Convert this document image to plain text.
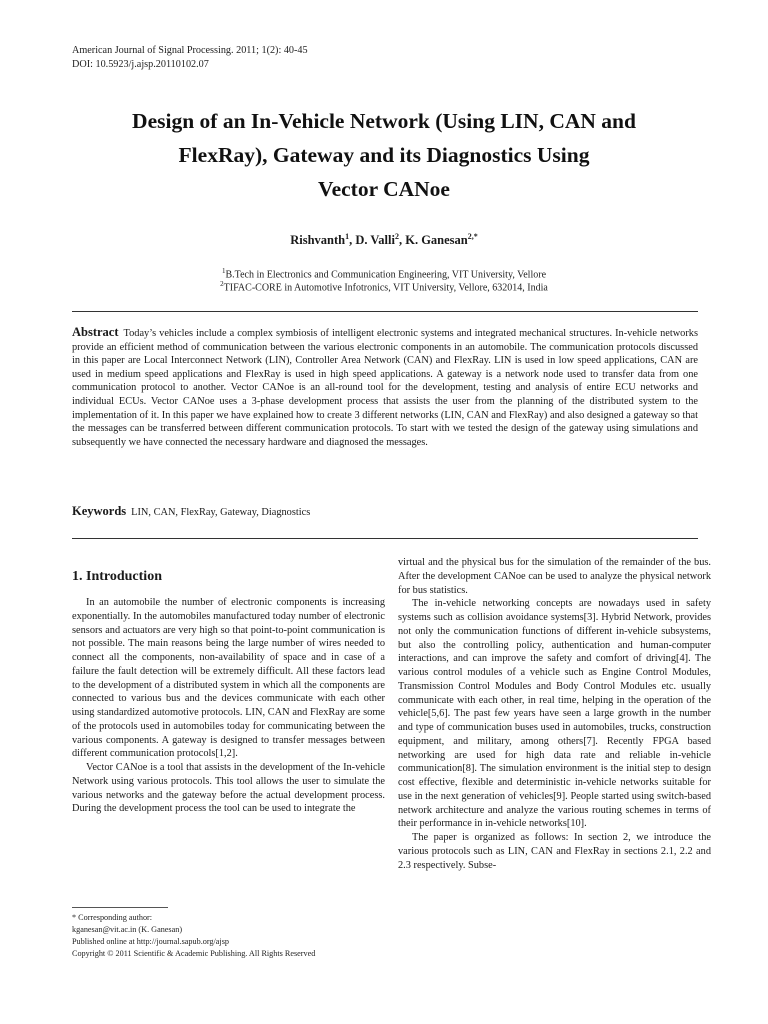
American Journal of Signal Processing. 2011; 1(2): 40-45
DOI: 10.5923/j.ajsp.20110102.07
Design of an In-Vehicle Network (Using LIN, CAN and
FlexRay), Gateway and its Diagnostics Using
Vector CANoe
Rishvanth$^1$, D. Valli$^2$, K. Ganesan$^{2,*}$
$^1$B.Tech in Electronics and Communication Engineering, VIT University, Vellore
$^2$TIFAC-CORE in Automotive Infotronics, VIT University, Vellore, 632014, India
Abstract Today’s vehicles include a complex symbiosis of intelligent electronic systems and integrated mechanical structures. In-vehicle networks provide an efficient method of communication between the various electronic components in an automobile. The communication protocols discussed in this paper are Local Interconnect Network (LIN), Controller Area Network (CAN) and FlexRay. LIN is used in low speed applications, CAN are used in medium speed applications and FlexRay is used in high speed applications. A gateway is a network node used to transfer data from one communication protocol to another. Vector CANoe is an all-round tool for the development, testing and analysis of entire ECU networks and individual ECUs. Vector CANoe uses a 3-phase development process that assists the user from the planning of the distributed system to the implementation of it. In this paper we have explained how to create 3 different networks (LIN, CAN and FlexRay) and also designed a gateway so that the messages can be transferred between different communication protocols. To start with we tested the design of the gateway using simulations and subsequently we have connected the necessary hardware and diagnosed the messages.
Keywords LIN, CAN, FlexRay, Gateway, Diagnostics
1. Introduction

In an automobile the number of electronic components is increasing exponentially. In the automobiles manufactured today number of electronic sensors and actuators are very high so that point-to-point communication is not possible. The main reasons being the large number of wires needed to connect all the components, non-availability of space and in case of a failure the fault detection will be extremely difficult. All these factors lead to the development of a distributed system in which all the components are connected to various bus and the devices communicate with each other using standardized automotive protocols. LIN, CAN and FlexRay are some of the protocols used in automobiles today for communicating between the various components. A gateway is designed to transfer messages between different communication protocols[1,2].

Vector CANoe is a tool that assists in the development of the In-vehicle Network using various protocols. This tool allows the user to simulate the various networks and the gateway before the actual development process. During the development process the tool can be used to integrate the

virtual and the physical bus for the simulation of the remainder of the bus. After the development CANoe can be used to analyze the physical network for bus statistics.

The in-vehicle networking concepts are nowadays used in safety systems such as collision avoidance systems[3]. Hybrid Network, provides not only the communication functions of different in-vehicle subsystems, but also the controlling policy, authentication and human-computer interactions, and can improve the safety and comfort of driving[4]. The various control modules of a vehicle such as Engine Control Modules, Transmission Control Modules and Body Control Modules etc. usually communicate with each other, in real time, helping in the operation of the vehicle[5,6]. The past few years have seen a large growth in the number and type of communication buses used in automobiles, trucks, construction equipment, and military, among others[7]. Recently FPGA based networking are used for high data rate and reliable in-vehicle communication[8]. The simulation environment is the initial step to design cost effective, flexible and deterministic in-vehicle networks suitable for use in the next generation of vehicles[9]. People started using switch-based network architecture and analyze the various routing schemes in terms of their performance in in-vehicle networks[10].

The paper is organized as follows: In section 2, we introduce the various protocols such as LIN, CAN and FlexRay in sections 2.1, 2.2 and 2.3 respectively. Subse-

* Corresponding author:
kganesan@vit.ac.in (K. Ganesan)
Published online at http://journal.sapub.org/ajsp
Copyright © 2011 Scientific & Academic Publishing. All Rights Reserved
